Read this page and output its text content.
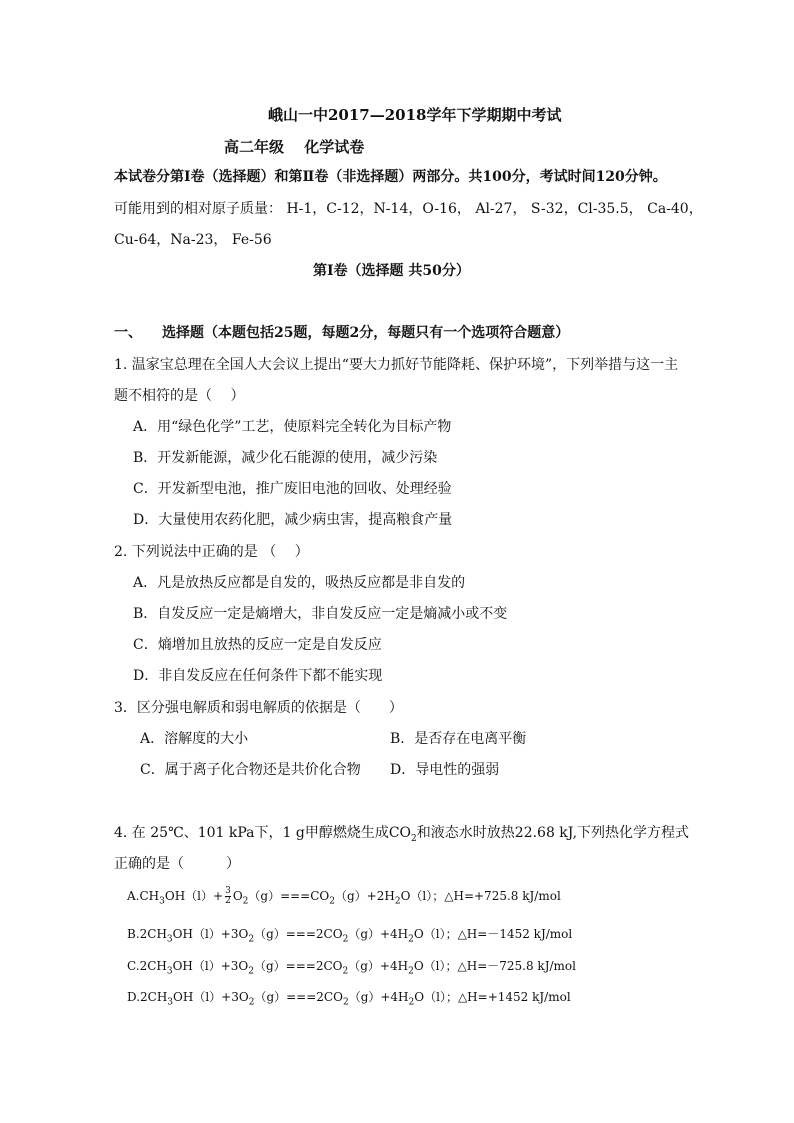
峨山一中2017—2018学年下学期期中考试
高二年级　 化学试卷
本试卷分第Ⅰ卷（选择题）和第Ⅱ卷（非选择题）两部分。共100分，考试时间120分钟。
可能用到的相对原子质量： H-1，C-12，N-14，O-16， Al-27， S-32，Cl-35.5， Ca-40，
Cu-64，Na-23， Fe-56
第Ⅰ卷（选择题 共50分）
一、 选择题（本题包括25题，每题2分，每题只有一个选项符合题意）
1. 温家宝总理在全国人大会议上提出“要大力抓好节能降耗、保护环境”，下列举措与这一主
题不相符的是（　 ）
A．用“绿色化学”工艺，使原料完全转化为目标产物
B．开发新能源，减少化石能源的使用，减少污染
C．开发新型电池，推广废旧电池的回收、处理经验
D．大量使用农药化肥，减少病虫害，提高粮食产量
2. 下列说法中正确的是 （　 ）
A．凡是放热反应都是自发的，吸热反应都是非自发的
B．自发反应一定是熵增大，非自发反应一定是熵减小或不变
C．熵增加且放热的反应一定是自发反应
D．非自发反应在任何条件下都不能实现
3．区分强电解质和弱电解质的依据是（　　）
A．溶解度的大小	B．是否存在电离平衡
C．属于离子化合物还是共价化合物 D．导电性的强弱
4. 在 25℃、101 kPa下，1 g甲醇燃烧生成$CO_2$和液态水时放热22.68 kJ,下列热化学方程式
正确的是（　　　）
$A.CH_3OH(l)+ \frac{3}{2} O_2(g)===CO_2(g)+2H_2O(l)$；△H=+725.8 kJ/mol
$B.2CH_3OH(l)+3O_2(g)===2CO_2(g)+4H_2O(l)$；△H=－1452 kJ/mol
$C.2CH_3OH(l)+3O_2(g)===2CO_2(g)+4H_2O(l)$；△H=－725.8 kJ/mol
$D.2CH_3OH(l)+3O_2(g)===2CO_2(g)+4H_2O(l)$；△H=+1452 kJ/mol
